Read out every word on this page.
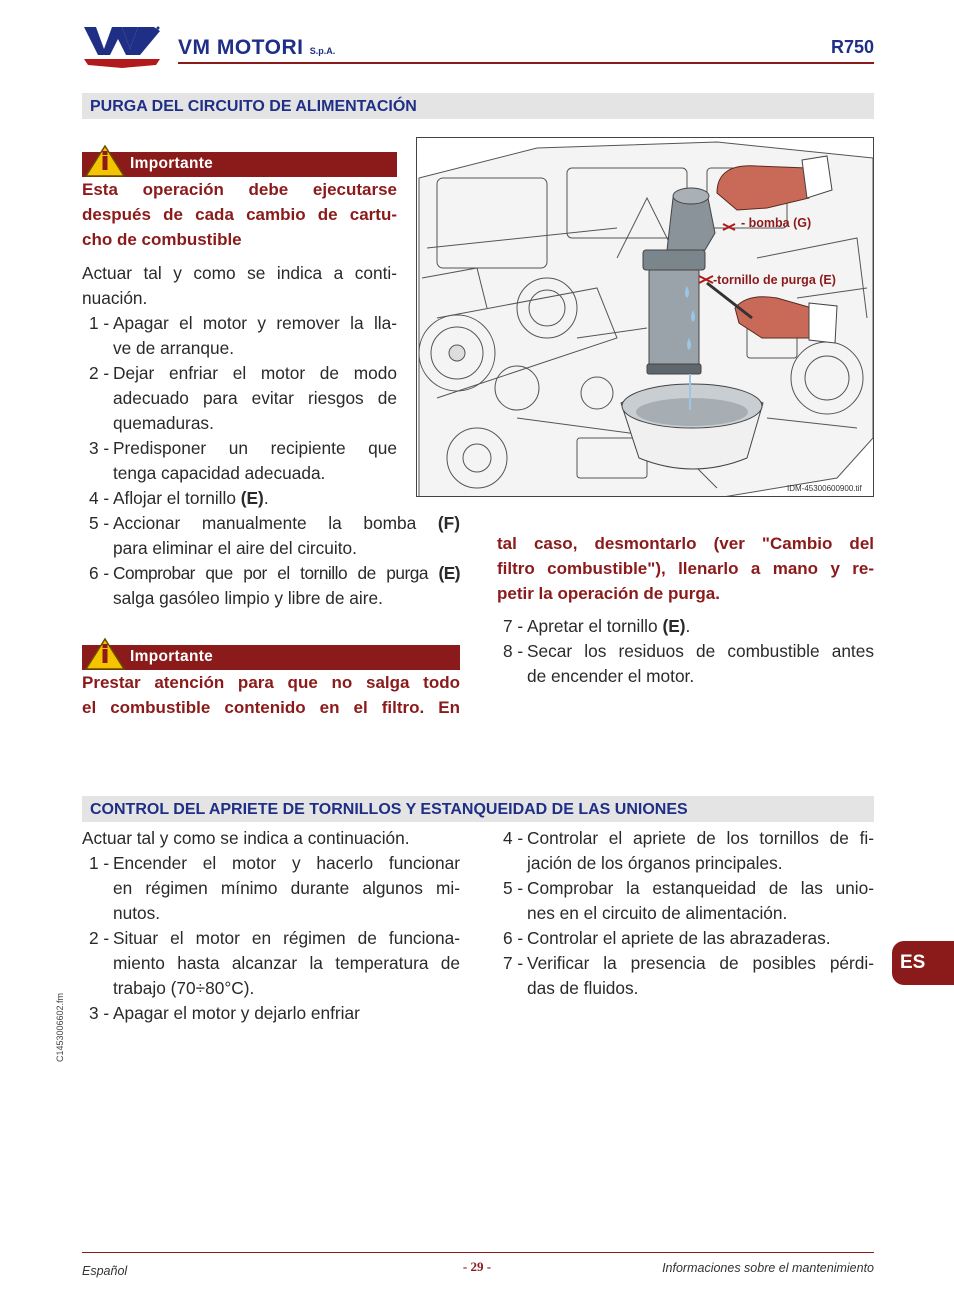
VM MOTORI S.p.A.	R750
PURGA DEL CIRCUITO DE ALIMENTACIÓN
Importante
Esta operación debe ejecutarse
después de cada cambio de cartu-
cho de combustible
Actuar tal y como se indica a conti-
nuación.
1 - Apagar el motor y remover la lla-
ve de arranque.
2 - Dejar enfriar el motor de modo
adecuado para evitar riesgos de
quemaduras.
3 - Predisponer un recipiente que
tenga capacidad adecuada.
4 - Aflojar el tornillo (E).
5 - Accionar manualmente la bomba (F)
para eliminar el aire del circuito.
6 - Comprobar que por el tornillo de purga (E)
salga gasóleo limpio y libre de aire.
Importante
Prestar atención para que no salga todo
el combustible contenido en el filtro. En
- bomba (G)
-tornillo de purga (E)
IDM-45300600900.tif
tal caso, desmontarlo (ver "Cambio del
filtro combustible"), llenarlo a mano y re-
petir la operación de purga.
7 - Apretar el tornillo (E).
8 - Secar los residuos de combustible antes
de encender el motor.
CONTROL DEL APRIETE DE TORNILLOS Y ESTANQUEIDAD DE LAS UNIONES
Actuar tal y como se indica a continuación.
1 - Encender el motor y hacerlo funcionar
en régimen mínimo durante algunos mi-
nutos.
2 - Situar el motor en régimen de funciona-
miento hasta alcanzar la temperatura de
trabajo (70÷80°C).
3 - Apagar el motor y dejarlo enfriar
4 - Controlar el apriete de los tornillos de fi-
jación de los órganos principales.
5 - Comprobar la estanqueidad de las unio-
nes en el circuito de alimentación.
6 - Controlar el apriete de las abrazaderas.
7 - Verificar la presencia de posibles pérdi-
das de fluidos.
ES
C1453006602.fm
Español	- 29 -	Informaciones sobre el mantenimiento
